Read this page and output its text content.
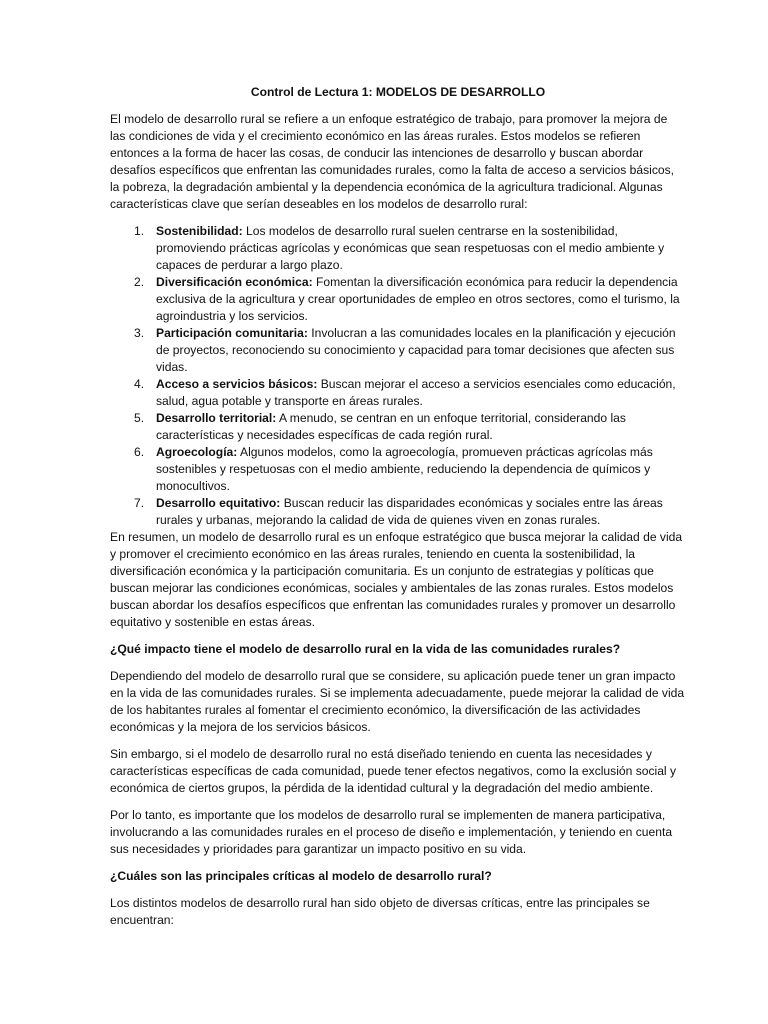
Control de Lectura 1: MODELOS DE DESARROLLO

El modelo de desarrollo rural se refiere a un enfoque estratégico de trabajo, para promover la mejora de las condiciones de vida y el crecimiento económico en las áreas rurales. Estos modelos se refieren entonces a la forma de hacer las cosas, de conducir las intenciones de desarrollo y buscan abordar desafíos específicos que enfrentan las comunidades rurales, como la falta de acceso a servicios básicos, la pobreza, la degradación ambiental y la dependencia económica de la agricultura tradicional. Algunas características clave que serían deseables en los modelos de desarrollo rural:

1. Sostenibilidad: Los modelos de desarrollo rural suelen centrarse en la sostenibilidad, promoviendo prácticas agrícolas y económicas que sean respetuosas con el medio ambiente y capaces de perdurar a largo plazo.
2. Diversificación económica: Fomentan la diversificación económica para reducir la dependencia exclusiva de la agricultura y crear oportunidades de empleo en otros sectores, como el turismo, la agroindustria y los servicios.
3. Participación comunitaria: Involucran a las comunidades locales en la planificación y ejecución de proyectos, reconociendo su conocimiento y capacidad para tomar decisiones que afecten sus vidas.
4. Acceso a servicios básicos: Buscan mejorar el acceso a servicios esenciales como educación, salud, agua potable y transporte en áreas rurales.
5. Desarrollo territorial: A menudo, se centran en un enfoque territorial, considerando las características y necesidades específicas de cada región rural.
6. Agroecología: Algunos modelos, como la agroecología, promueven prácticas agrícolas más sostenibles y respetuosas con el medio ambiente, reduciendo la dependencia de químicos y monocultivos.
7. Desarrollo equitativo: Buscan reducir las disparidades económicas y sociales entre las áreas rurales y urbanas, mejorando la calidad de vida de quienes viven en zonas rurales.

En resumen, un modelo de desarrollo rural es un enfoque estratégico que busca mejorar la calidad de vida y promover el crecimiento económico en las áreas rurales, teniendo en cuenta la sostenibilidad, la diversificación económica y la participación comunitaria. Es un conjunto de estrategias y políticas que buscan mejorar las condiciones económicas, sociales y ambientales de las zonas rurales. Estos modelos buscan abordar los desafíos específicos que enfrentan las comunidades rurales y promover un desarrollo equitativo y sostenible en estas áreas.

¿Qué impacto tiene el modelo de desarrollo rural en la vida de las comunidades rurales?

Dependiendo del modelo de desarrollo rural que se considere, su aplicación puede tener un gran impacto en la vida de las comunidades rurales. Si se implementa adecuadamente, puede mejorar la calidad de vida de los habitantes rurales al fomentar el crecimiento económico, la diversificación de las actividades económicas y la mejora de los servicios básicos.

Sin embargo, si el modelo de desarrollo rural no está diseñado teniendo en cuenta las necesidades y características específicas de cada comunidad, puede tener efectos negativos, como la exclusión social y económica de ciertos grupos, la pérdida de la identidad cultural y la degradación del medio ambiente.

Por lo tanto, es importante que los modelos de desarrollo rural se implementen de manera participativa, involucrando a las comunidades rurales en el proceso de diseño e implementación, y teniendo en cuenta sus necesidades y prioridades para garantizar un impacto positivo en su vida.

¿Cuáles son las principales críticas al modelo de desarrollo rural?

Los distintos modelos de desarrollo rural han sido objeto de diversas críticas, entre las principales se encuentran:
